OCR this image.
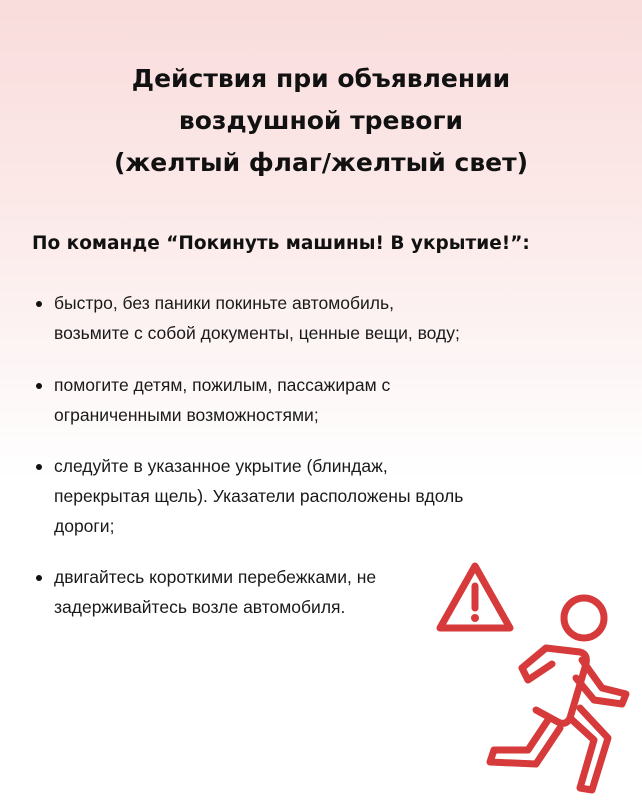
Действия при объявлении
воздушной тревоги
(желтый флаг/желтый свет)
По команде “Покинуть машины! В укрытие!”:
быстро, без паники покиньте автомобиль,
возьмите с собой документы, ценные вещи, воду;
помогите детям, пожилым, пассажирам с
ограниченными возможностями;
следуйте в указанное укрытие (блиндаж,
перекрытая щель). Указатели расположены вдоль
дороги;
двигайтесь короткими перебежками, не
задерживайтесь возле автомобиля.
